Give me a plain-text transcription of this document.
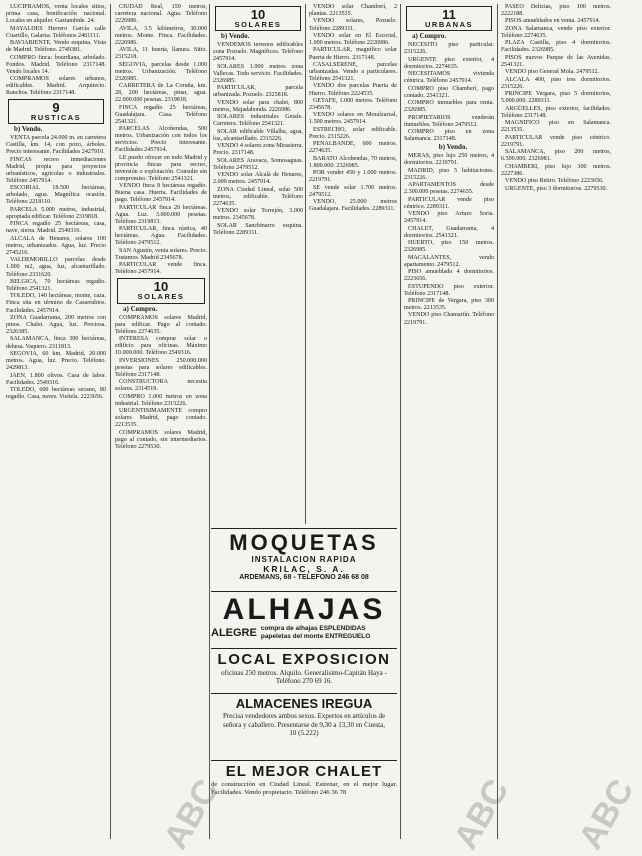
LUCIFRAMOS, venta locales sitios, prima casa, bonificación nacional. Locales en alquiler. Gaztambide. 24.

MAYALDES Herrero García calle Cuartillo, Galarza. Teléfonos 2461111.

BAVIABIENTE. Vendo esquina. Vista de Madrid. Teléfono. 2749381.

COMPRO finca: bourdiana, arbolado. Fondos. Madrid. Teléfono 2317148. Vendo locales 14.

COMPRAMOS solares urbanos, edificables. Madrid. Arquitecto. Ranchos. Teléfono 2317148.

9
RUSTICAS
b) Vendo.

VENTA parcela 24.000 m. en carretera Castilla, km. 14, con pozo, árboles. Precio interesante. Facilidades 2427910.

FINCAS recreo inmediaciones Madrid, propia para proyectos urbanísticos, agrícolas o industriales. Teléfono 2457914.

ESCORIAL 18.500 hectáreas, arbolado, agua. Magnífica ocasión. Teléfono 2218110.

PARCELA 5.000 metros, industrial, apropiada edificar. Teléfono 2319818.

FINCA regadío 25 hectáreas, casa, nave, sierra. Madrid. 2549316.

ALCALA de Henares, solares 100 metros, urbanizados. Agua, luz. Precio 2745216.

VALDEMORILLO parcelas desde 1.000 m2, agua, luz, alcantarillado. Teléfono 2331620.

BELGICA, 70 hectáreas regadío. Teléfono 2541321.

TOLEDO, 140 hectáreas, monte, caza. Finca sita en término de Casarrubios. Facilidades. 2457914.

ZONA Guadarrama, 200 metros con pinos. Chalet. Agua, luz. Preciosa. 2326385.

SALAMANCA, finca 300 hectáreas, dehesa. Vaquero. 2311813.

SEGOVIA, 60 km. Madrid, 20.000 metros. Agua, luz. Precio. Teléfono. 2429813.

JAEN, 1.800 olivos. Casa de labor. Facilidades. 2549316.

TOLEDO, 600 hectáreas secano, 80 regadío. Casa, naves. Visítela. 2223656.

CIUDAD Real, 150 metros, carretera nacional. Agua. Teléfono 2226986.

AVILA, 3.5 kilómetros, 30.000 metros. Monte. Finca. Facilidades. 2226986.

AVILA, 11 huerta, llanura. Sitio. 2315218.

SEGOVIA, parcelas desde 1.000 metros. Urbanización. Teléfono 2326985.

CARRETERA de La Coruña, km. 28, 200 hectáreas, pinar, agua. 22.000.000 pesetas. 2319818.

FINCA regadío 25 hectáreas, Guadalajara. Casa. Teléfono 2541321.

PARCELAS Alcobendas, 500 metros. Urbanización con todos los servicios. Precio interesante. Facilidades 2457914.

LE puedo ofrecer en todo Madrid y provincia fincas para recreo, inversión o explotación. Consulte sin compromiso. Teléfono 2541321.

VENDO finca 8 hectáreas regadío. Buena casa. Huerta. Facilidades de pago. Teléfono 2457914.

PARTICULAR finca 20 hectáreas. Agua. Luz. 3.000.000 pesetas. Teléfono 2319813.

PARTICULAR, finca rústica, 40 hectáreas. Agua. Facilidades. Teléfono 2479512.

SAN Agustín, venta solares. Precio. Tratamos. Madrid 2345678.

PARTICULAR vende finca. Teléfono 2457914.

10
SOLARES
a) Compro.

COMPRAMOS solares Madrid, para edificar. Pago al contado. Teléfono 2274635.

INTERESA comprar solar o edificio para oficinas. Máximo 10.000.000. Teléfono 2549316.

INVERSIONES 250.000.000 pesetas para solares edificables. Teléfono 2317148.

CONSTRUCTORA necesita solares. 2314519.

COMPRO 1.000 metros en zona industrial. Teléfono 2315226.

URGENTISIMAMENTE compro solares Madrid, pago contado. 2213535.

COMPRAMOS solares Madrid, pago al contado, sin intermediarios. Teléfono 2279530.

10
SOLARES
b) Vendo.

VENDEMOS terrenos edificables zona Pozuelo. Magníficos. Teléfono 2457914.

SOLARES 1.000 metros zona Vallecas. Todo servicio. Facilidades. 2326985.

PARTICULAR, parcela urbanizada. Pozuelo. 2325818.

VENDO solar para chalet, 800 metros, Majadahonda. 2226986.

SOLARES industriales Getafe. Carretera. Teléfono 2541321.

SOLAR edificable Villalba, agua, luz, alcantarillado. 2315226.

VENDO 4 solares zona Mirasierra. Precio. 2317148.

SOLARES Aravaca, Somosaguas. Teléfono 2479512.

VENDO solar Alcalá de Henares, 2.000 metros. 2457914.

ZONA Ciudad Lineal, solar 500 metros, edificable. Teléfono 2274635.

VENDO solar Torrejón, 3.000 metros. 2345678.

SOLAR Sanchinarro esquina. Teléfono 2289311.

VENDO solar Chamberí, 2 plantas. 2213535.

VENDO solares, Pozuelo. Teléfono 2289311.

VENDO solar en El Escorial, 1.000 metros. Teléfono 2226986.

PARTICULAR, magnífico solar Puerta de Hierro. 2317148.

CASALSERENE, parcelas urbanizadas. Vendo a particulares. Teléfono 2541321.

VENDO dos parcelas Puerta de Hierro. Teléfono 2224535.

GETAFE, 1.000 metros. Teléfono 2345678.

VENDO solares en Moralzarzal, 1.500 metros. 2457914.

ESTRECHO, solar edificable. Precio. 2315226.

PENALBANDE, 600 metros. 2274635.

BARATO Alcobendas, 70 metros, 1.800.000. 2326985.

POR vender 450 y 1.000 metros. 2219791.

SE vende solar 1.700 metros. 2479512.

VENDO, 25.000 metros Guadalajara. Facilidades. 2289311.

MOQUETAS
INSTALACION RAPIDA
KRILAC, S. A.
ARDEMANS, 68 - TELEFONO 246 68 08
ALHAJAS
ALEGRE compra de alhajas ESPLENDIDAS papeletas del monte ENTREGUELO
LOCAL EXPOSICION
oficinas 250 metros. Alquilo. Generalísimo-Capitán Haya - Teléfono 270 69 16.
ALMACENES IREGUA
Precisa vendedores ambos sexos. Expertos en artículos de señora y caballero. Presentarse de 9,30 a 13,30 en Cuesta, 10 (5.222)
EL MEJOR CHALET
de construcción en Ciudad Lineal. Estrenar, en el mejor lugar. Facilidades. Vendo propietario. Teléfono 246 36 78
11
URBANAS
a) Compro.

NECESITO piso particular. 2315226.

URGENTE piso exterior, 4 dormitorios. 2274635.

NECESITAMOS vivienda céntrica. Teléfono 2457914.

COMPRO piso Chamberí, pago contado. 2541321.

COMPRO inmuebles para renta. 2326985.

PROPIETARIOS venderán inmuebles. Teléfono 2479512.

COMPRO piso en zona Salamanca. 2317148.

b) Vendo.

MERAS, piso lujo 250 metros, 4 dormitorios. 2219791.

MADRID, piso 5 habitaciones. 2315226.

APARTAMENTOS desde 2.300.000 pesetas. 2274635.

PARTICULAR vende piso céntrico. 2289311.

VENDO piso Arturo Soria. 2457914.

CHALET, Guadarrama, 4 dormitorios. 2541321.

HUERTO, piso 150 metros. 2326985.

MACALANTES, vendo apartamento. 2479512.

PISO amueblado 4 dormitorios. 2223656.

ESTUPENDO piso exterior. Teléfono 2317148.

PRINCIPE de Vergara, piso 300 metros. 2213535.

VENDO piso Chamartín. Teléfono 2219791.

PASEO Delicias, piso 100 metros. 2222188.

PISOS amueblados en venta. 2457914.

ZONA Salamanca, vendo piso exterior. Teléfono 2274635.

PLAZA Castilla, piso 4 dormitorios. Facilidades. 2326985.

PISOS nuevos Parque de las Avenidas. 2541321.

VENDO piso General Mola. 2479512.

ALCALA 400, piso tres dormitorios. 2315226.

PRINCIPE Vergara, piso 5 dormitorios, 5.000.000. 2289311.

ARGÜELLES, piso exterior, facilidades. Teléfono 2317148.

MAGNIFICO piso en Salamanca. 2213535.

PARTICULAR vende piso céntrico. 2219791.

SALAMANCA, piso 200 metros, 6.500.000. 2326981.

CHAMBERI, piso lujo 300 metros. 2227386.

VENDO piso Retiro. Teléfono 2223656.

URGENTE, piso 3 dormitorios. 2279530.

ABC	ABC ABC
